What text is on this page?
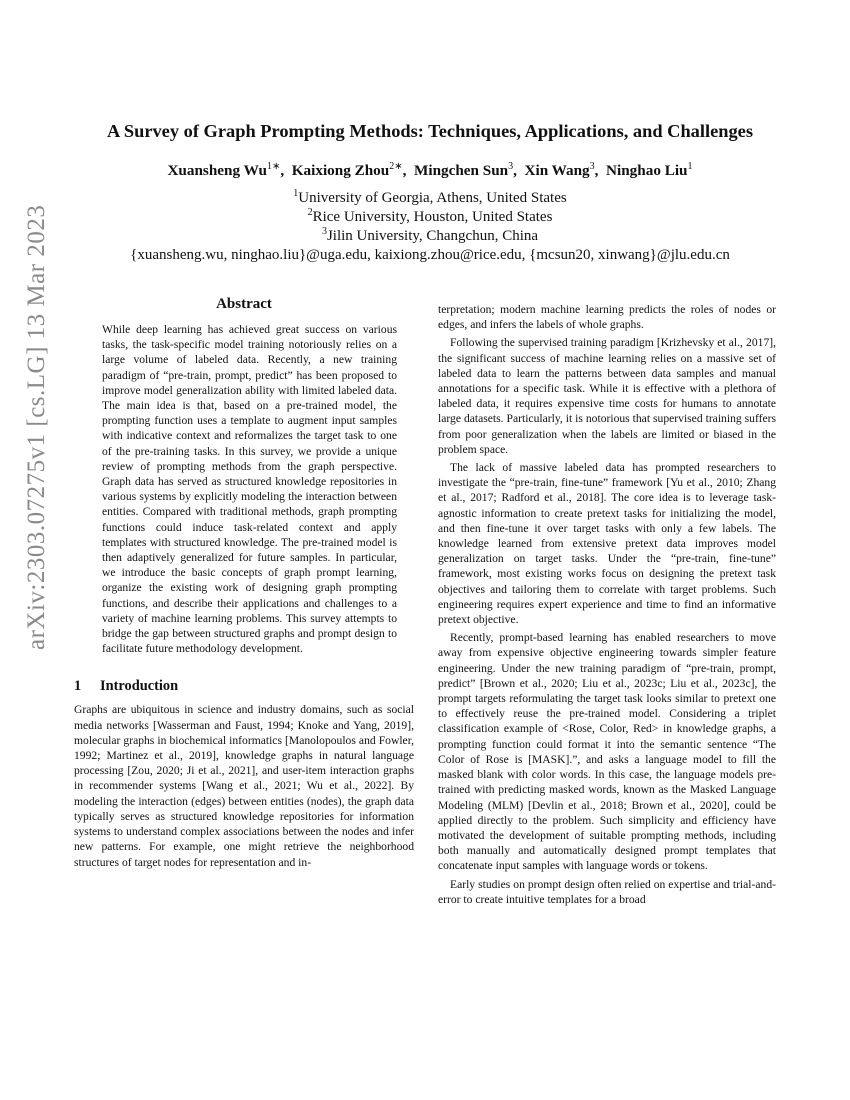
arXiv:2303.07275v1 [cs.LG] 13 Mar 2023
A Survey of Graph Prompting Methods: Techniques, Applications, and Challenges
Xuansheng $Wu^{1∗}$,  Kaixiong Zhou$^{2∗}$,  Mingchen Sun$^3$,  Xin Wang$^3$,  Ninghao Liu$^1$
$^1$University of Georgia, Athens, United States
$^2$Rice University, Houston, United States
$^3$Jilin University, Changchun, China
{xuansheng.wu, ninghao.liu}@uga.edu, kaixiong.zhou@rice.edu, {mcsun20, xinwang}@jlu.edu.cn
Abstract

While deep learning has achieved great success on various tasks, the task-specific model training notoriously relies on a large volume of labeled data. Recently, a new training paradigm of “pre-train, prompt, predict” has been proposed to improve model generalization ability with limited labeled data. The main idea is that, based on a pre-trained model, the prompting function uses a template to augment input samples with indicative context and reformalizes the target task to one of the pre-training tasks. In this survey, we provide a unique review of prompting methods from the graph perspective. Graph data has served as structured knowledge repositories in various systems by explicitly modeling the interaction between entities. Compared with traditional methods, graph prompting functions could induce task-related context and apply templates with structured knowledge. The pre-trained model is then adaptively generalized for future samples. In particular, we introduce the basic concepts of graph prompt learning, organize the existing work of designing graph prompting functions, and describe their applications and challenges to a variety of machine learning problems. This survey attempts to bridge the gap between structured graphs and prompt design to facilitate future methodology development.

1 Introduction

Graphs are ubiquitous in science and industry domains, such as social media networks [Wasserman and Faust, 1994; Knoke and Yang, 2019], molecular graphs in biochemical informatics [Manolopoulos and Fowler, 1992; Martinez et al., 2019], knowledge graphs in natural language processing [Zou, 2020; Ji et al., 2021], and user-item interaction graphs in recommender systems [Wang et al., 2021; Wu et al., 2022]. By modeling the interaction (edges) between entities (nodes), the graph data typically serves as structured knowledge repositories for information systems to understand complex associations between the nodes and infer new patterns. For example, one might retrieve the neighborhood structures of target nodes for representation and in-

terpretation; modern machine learning predicts the roles of nodes or edges, and infers the labels of whole graphs.

Following the supervised training paradigm [Krizhevsky et al., 2017], the significant success of machine learning relies on a massive set of labeled data to learn the patterns between data samples and manual annotations for a specific task. While it is effective with a plethora of labeled data, it requires expensive time costs for humans to annotate large datasets. Particularly, it is notorious that supervised training suffers from poor generalization when the labels are limited or biased in the problem space.

The lack of massive labeled data has prompted researchers to investigate the “pre-train, fine-tune” framework [Yu et al., 2010; Zhang et al., 2017; Radford et al., 2018]. The core idea is to leverage task-agnostic information to create pretext tasks for initializing the model, and then fine-tune it over target tasks with only a few labels. The knowledge learned from extensive pretext data improves model generalization on target tasks. Under the “pre-train, fine-tune” framework, most existing works focus on designing the pretext task objectives and tailoring them to correlate with target problems. Such engineering requires expert experience and time to find an informative pretext objective.

Recently, prompt-based learning has enabled researchers to move away from expensive objective engineering towards simpler feature engineering. Under the new training paradigm of “pre-train, prompt, predict” [Brown et al., 2020; Liu et al., 2023c; Liu et al., 2023c], the prompt targets reformulating the target task looks similar to pretext one to effectively reuse the pre-trained model. Considering a triplet classification example of <Rose, Color, Red> in knowledge graphs, a prompting function could format it into the semantic sentence “The Color of Rose is [MASK].”, and asks a language model to fill the masked blank with color words. In this case, the language models pre-trained with predicting masked words, known as the Masked Language Modeling (MLM) [Devlin et al., 2018; Brown et al., 2020], could be applied directly to the problem. Such simplicity and efficiency have motivated the development of suitable prompting methods, including both manually and automatically designed prompt templates that concatenate input samples with language words or tokens.

Early studies on prompt design often relied on expertise and trial-and-error to create intuitive templates for a broad
